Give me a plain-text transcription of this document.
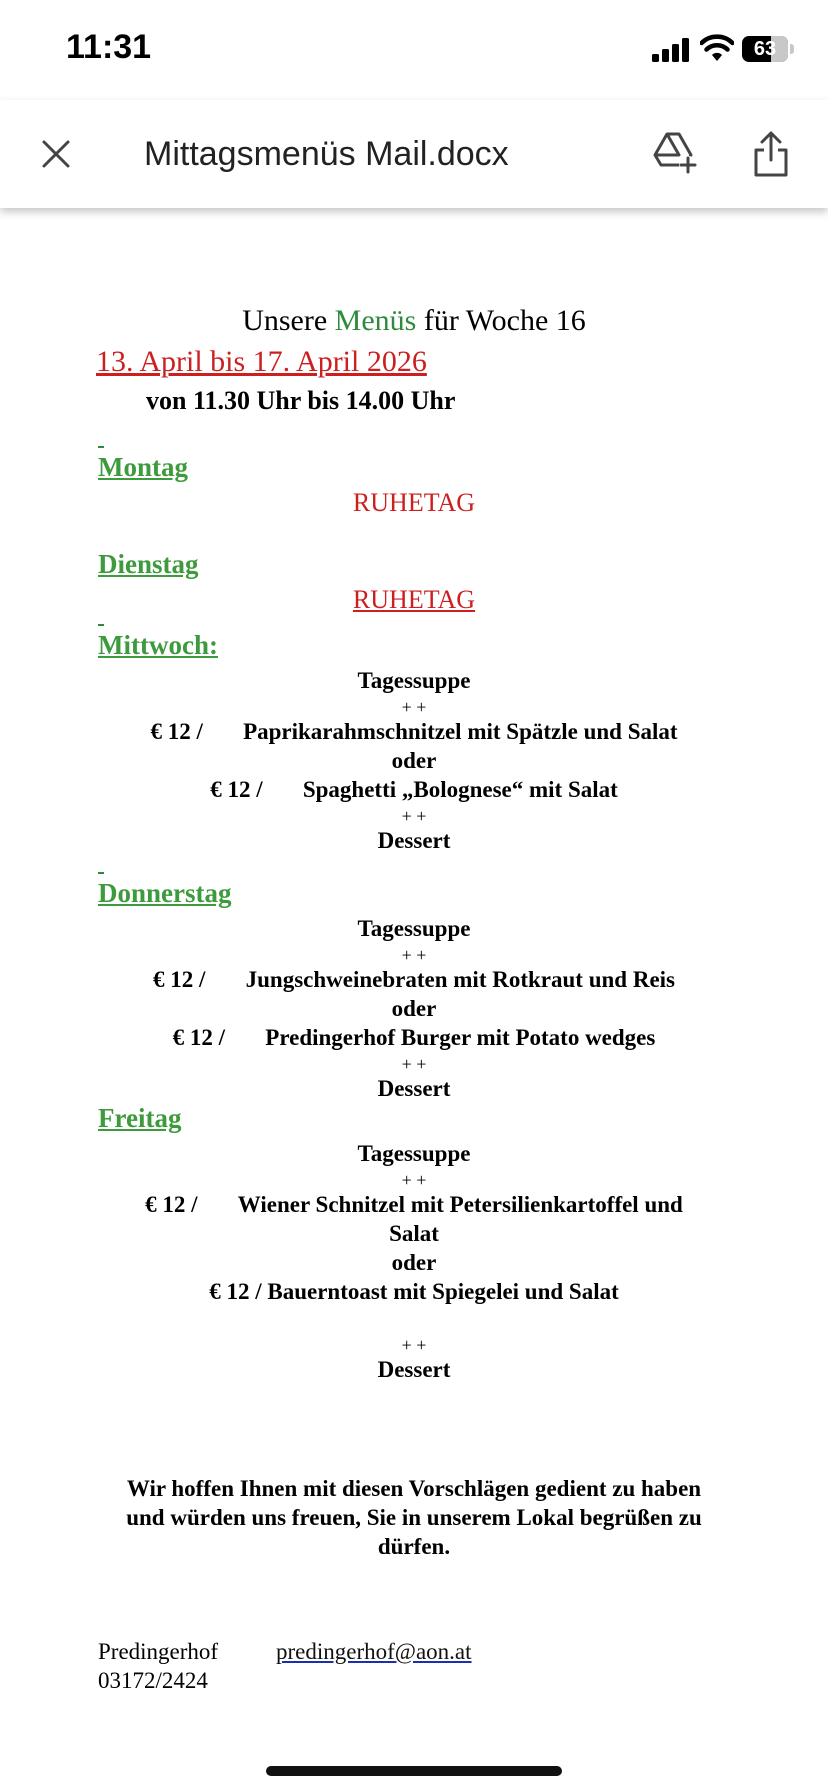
11:31	63
Mittagsmenüs Mail.docx
Unsere Menüs für Woche 16
13. April bis 17. April 2026
von 11.30 Uhr bis 14.00 Uhr
Montag
RUHETAG
Dienstag
RUHETAG
Mittwoch:
Tagessuppe
+ +
€ 12 / Paprikarahmschnitzel mit Spätzle und Salat
oder
€ 12 / Spaghetti „Bolognese“ mit Salat
+ +
Dessert
Donnerstag
Tagessuppe
+ +
€ 12 / Jungschweinebraten mit Rotkraut und Reis
oder
€ 12 / Predingerhof Burger mit Potato wedges
+ +
Dessert
Freitag
Tagessuppe
+ +
€ 12 / Wiener Schnitzel mit Petersilienkartoffel und
Salat
oder
€ 12 / Bauerntoast mit Spiegelei und Salat
+ +
Dessert
Wir hoffen Ihnen mit diesen Vorschlägen gedient zu haben
und würden uns freuen, Sie in unserem Lokal begrüßen zu
dürfen.
Predingerhof	predingerhof@aon.at
03172/2424
